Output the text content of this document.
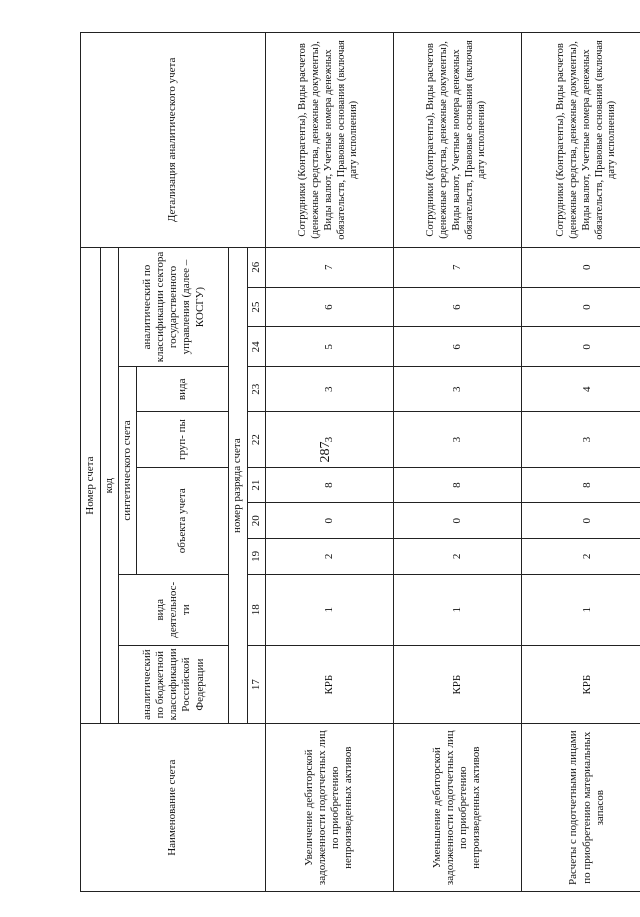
287
Наименование счета	Номер счета										Детализация аналитического учета
	код										
	аналитический по бюджетной классификации Российской Федерации	вида деятельнос- ти	синтетического счета					аналитический по классификации сектора государственного управления (далее – КОСГУ)			
			объекта учета			груп- пы	вида				
	номер разряда счета										
	17	18	19	20	21	22	23	24	25	26	
Увеличение дебиторской задолженности подотчетных лиц по приобретению непроизведенных активов	КРБ	1	2	0	8	3	3	5	6	7	Сотрудники (Контрагенты), Виды расчетов (денежные средства, денежные документы), Виды валют, Учетные номера денежных обязательств, Правовые основания (включая дату исполнения)
Уменьшение дебиторской задолженности подотчетных лиц по приобретению непроизведенных активов	КРБ	1	2	0	8	3	3	6	6	7	Сотрудники (Контрагенты), Виды расчетов (денежные средства, денежные документы), Виды валют, Учетные номера денежных обязательств, Правовые основания (включая дату исполнения)
Расчеты с подотчетными лицами по приобретению материальных запасов	КРБ	1	2	0	8	3	4	0	0	0	Сотрудники (Контрагенты), Виды расчетов (денежные средства, денежные документы), Виды валют, Учетные номера денежных обязательств, Правовые основания (включая дату исполнения)
